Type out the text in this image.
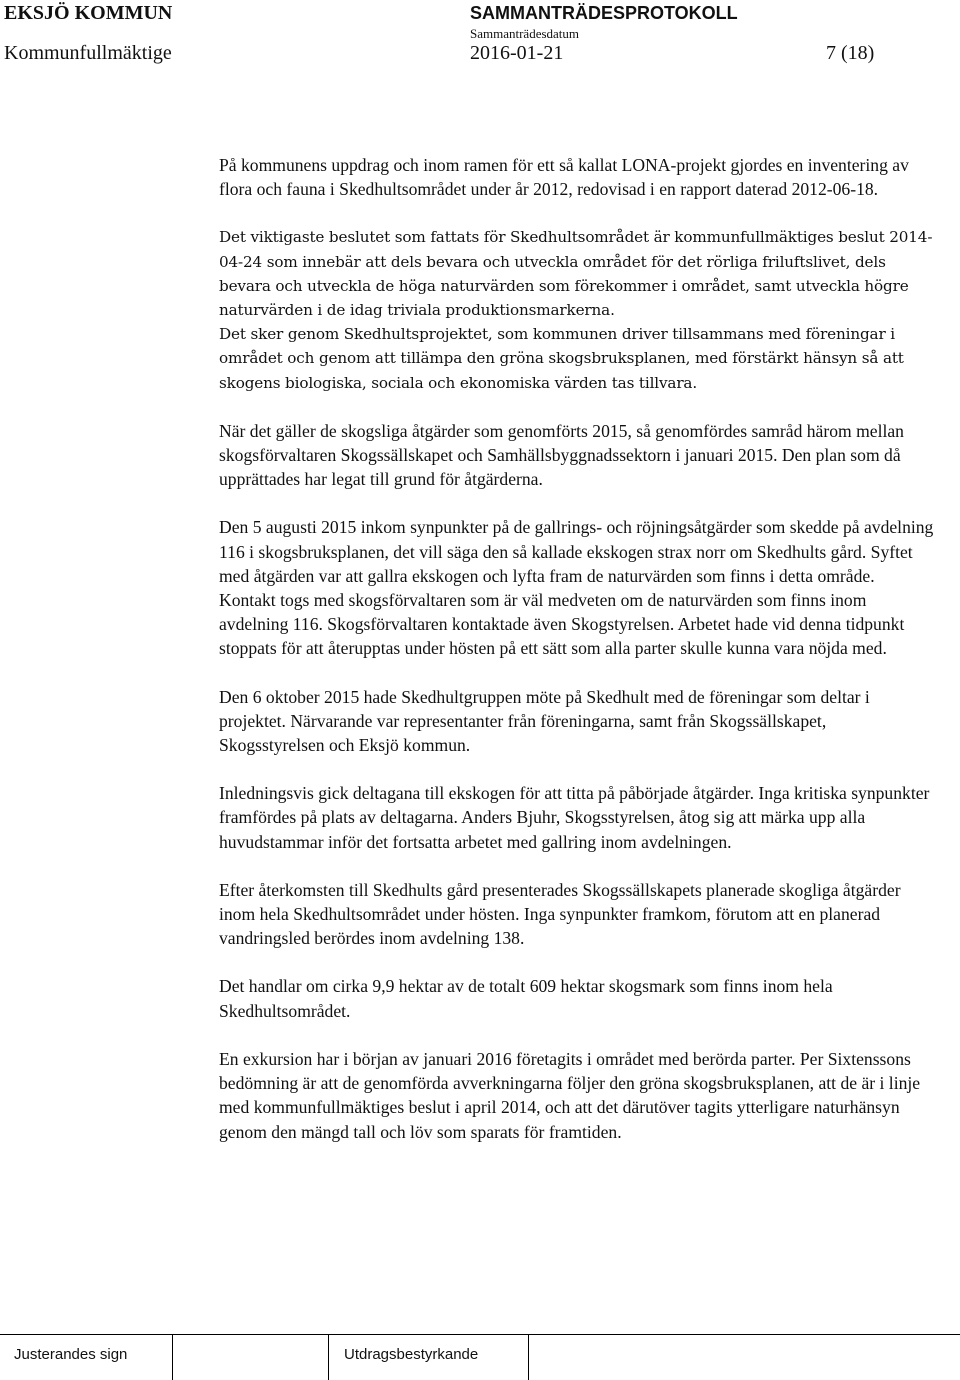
EKSJÖ KOMMUN	SAMMANTRÄDESPROTOKOLL
Sammanträdesdatum
Kommunfullmäktige	2016-01-21	7 (18)

På kommunens uppdrag och inom ramen för ett så kallat LONA-projekt gjordes en inventering av flora och fauna i Skedhultsområdet under år 2012, redovisad i en rapport daterad 2012-06-18.

Det viktigaste beslutet som fattats för Skedhultsområdet är kommunfullmäktiges beslut 2014-04-24 som innebär att dels bevara och utveckla området för det rörliga friluftslivet, dels bevara och utveckla de höga naturvärden som förekommer i området, samt utveckla högre naturvärden i de idag triviala produktionsmarkerna.

Det sker genom Skedhultsprojektet, som kommunen driver tillsammans med föreningar i området och genom att tillämpa den gröna skogsbruksplanen, med förstärkt hänsyn så att skogens biologiska, sociala och ekonomiska värden tas tillvara.

När det gäller de skogsliga åtgärder som genomförts 2015, så genomfördes samråd härom mellan skogsförvaltaren Skogssällskapet och Samhällsbyggnadssektorn i januari 2015. Den plan som då upprättades har legat till grund för åtgärderna.

Den 5 augusti 2015 inkom synpunkter på de gallrings- och röjningsåtgärder som skedde på avdelning 116 i skogsbruksplanen, det vill säga den så kallade ekskogen strax norr om Skedhults gård. Syftet med åtgärden var att gallra ekskogen och lyfta fram de naturvärden som finns i detta område. Kontakt togs med skogsförvaltaren som är väl medveten om de naturvärden som finns inom avdelning 116. Skogsförvaltaren kontaktade även Skogstyrelsen. Arbetet hade vid denna tidpunkt stoppats för att återupptas under hösten på ett sätt som alla parter skulle kunna vara nöjda med.

Den 6 oktober 2015 hade Skedhultgruppen möte på Skedhult med de föreningar som deltar i projektet. Närvarande var representanter från föreningarna, samt från Skogssällskapet, Skogsstyrelsen och Eksjö kommun.

Inledningsvis gick deltagana till ekskogen för att titta på påbörjade åtgärder. Inga kritiska synpunkter framfördes på plats av deltagarna. Anders Bjuhr, Skogsstyrelsen, åtog sig att märka upp alla huvudstammar inför det fortsatta arbetet med gallring inom avdelningen.

Efter återkomsten till Skedhults gård presenterades Skogssällskapets planerade skogliga åtgärder inom hela Skedhultsområdet under hösten. Inga synpunkter framkom, förutom att en planerad vandringsled berördes inom avdelning 138.

Det handlar om cirka 9,9 hektar av de totalt 609 hektar skogsmark som finns inom hela Skedhultsområdet.

En exkursion har i början av januari 2016 företagits i området med berörda parter. Per Sixtenssons bedömning är att de genomförda avverkningarna följer den gröna skogsbruksplanen, att de är i linje med kommunfullmäktiges beslut i april 2014, och att det därutöver tagits ytterligare naturhänsyn genom den mängd tall och löv som sparats för framtiden.

Justerandes sign	Utdragsbestyrkande
